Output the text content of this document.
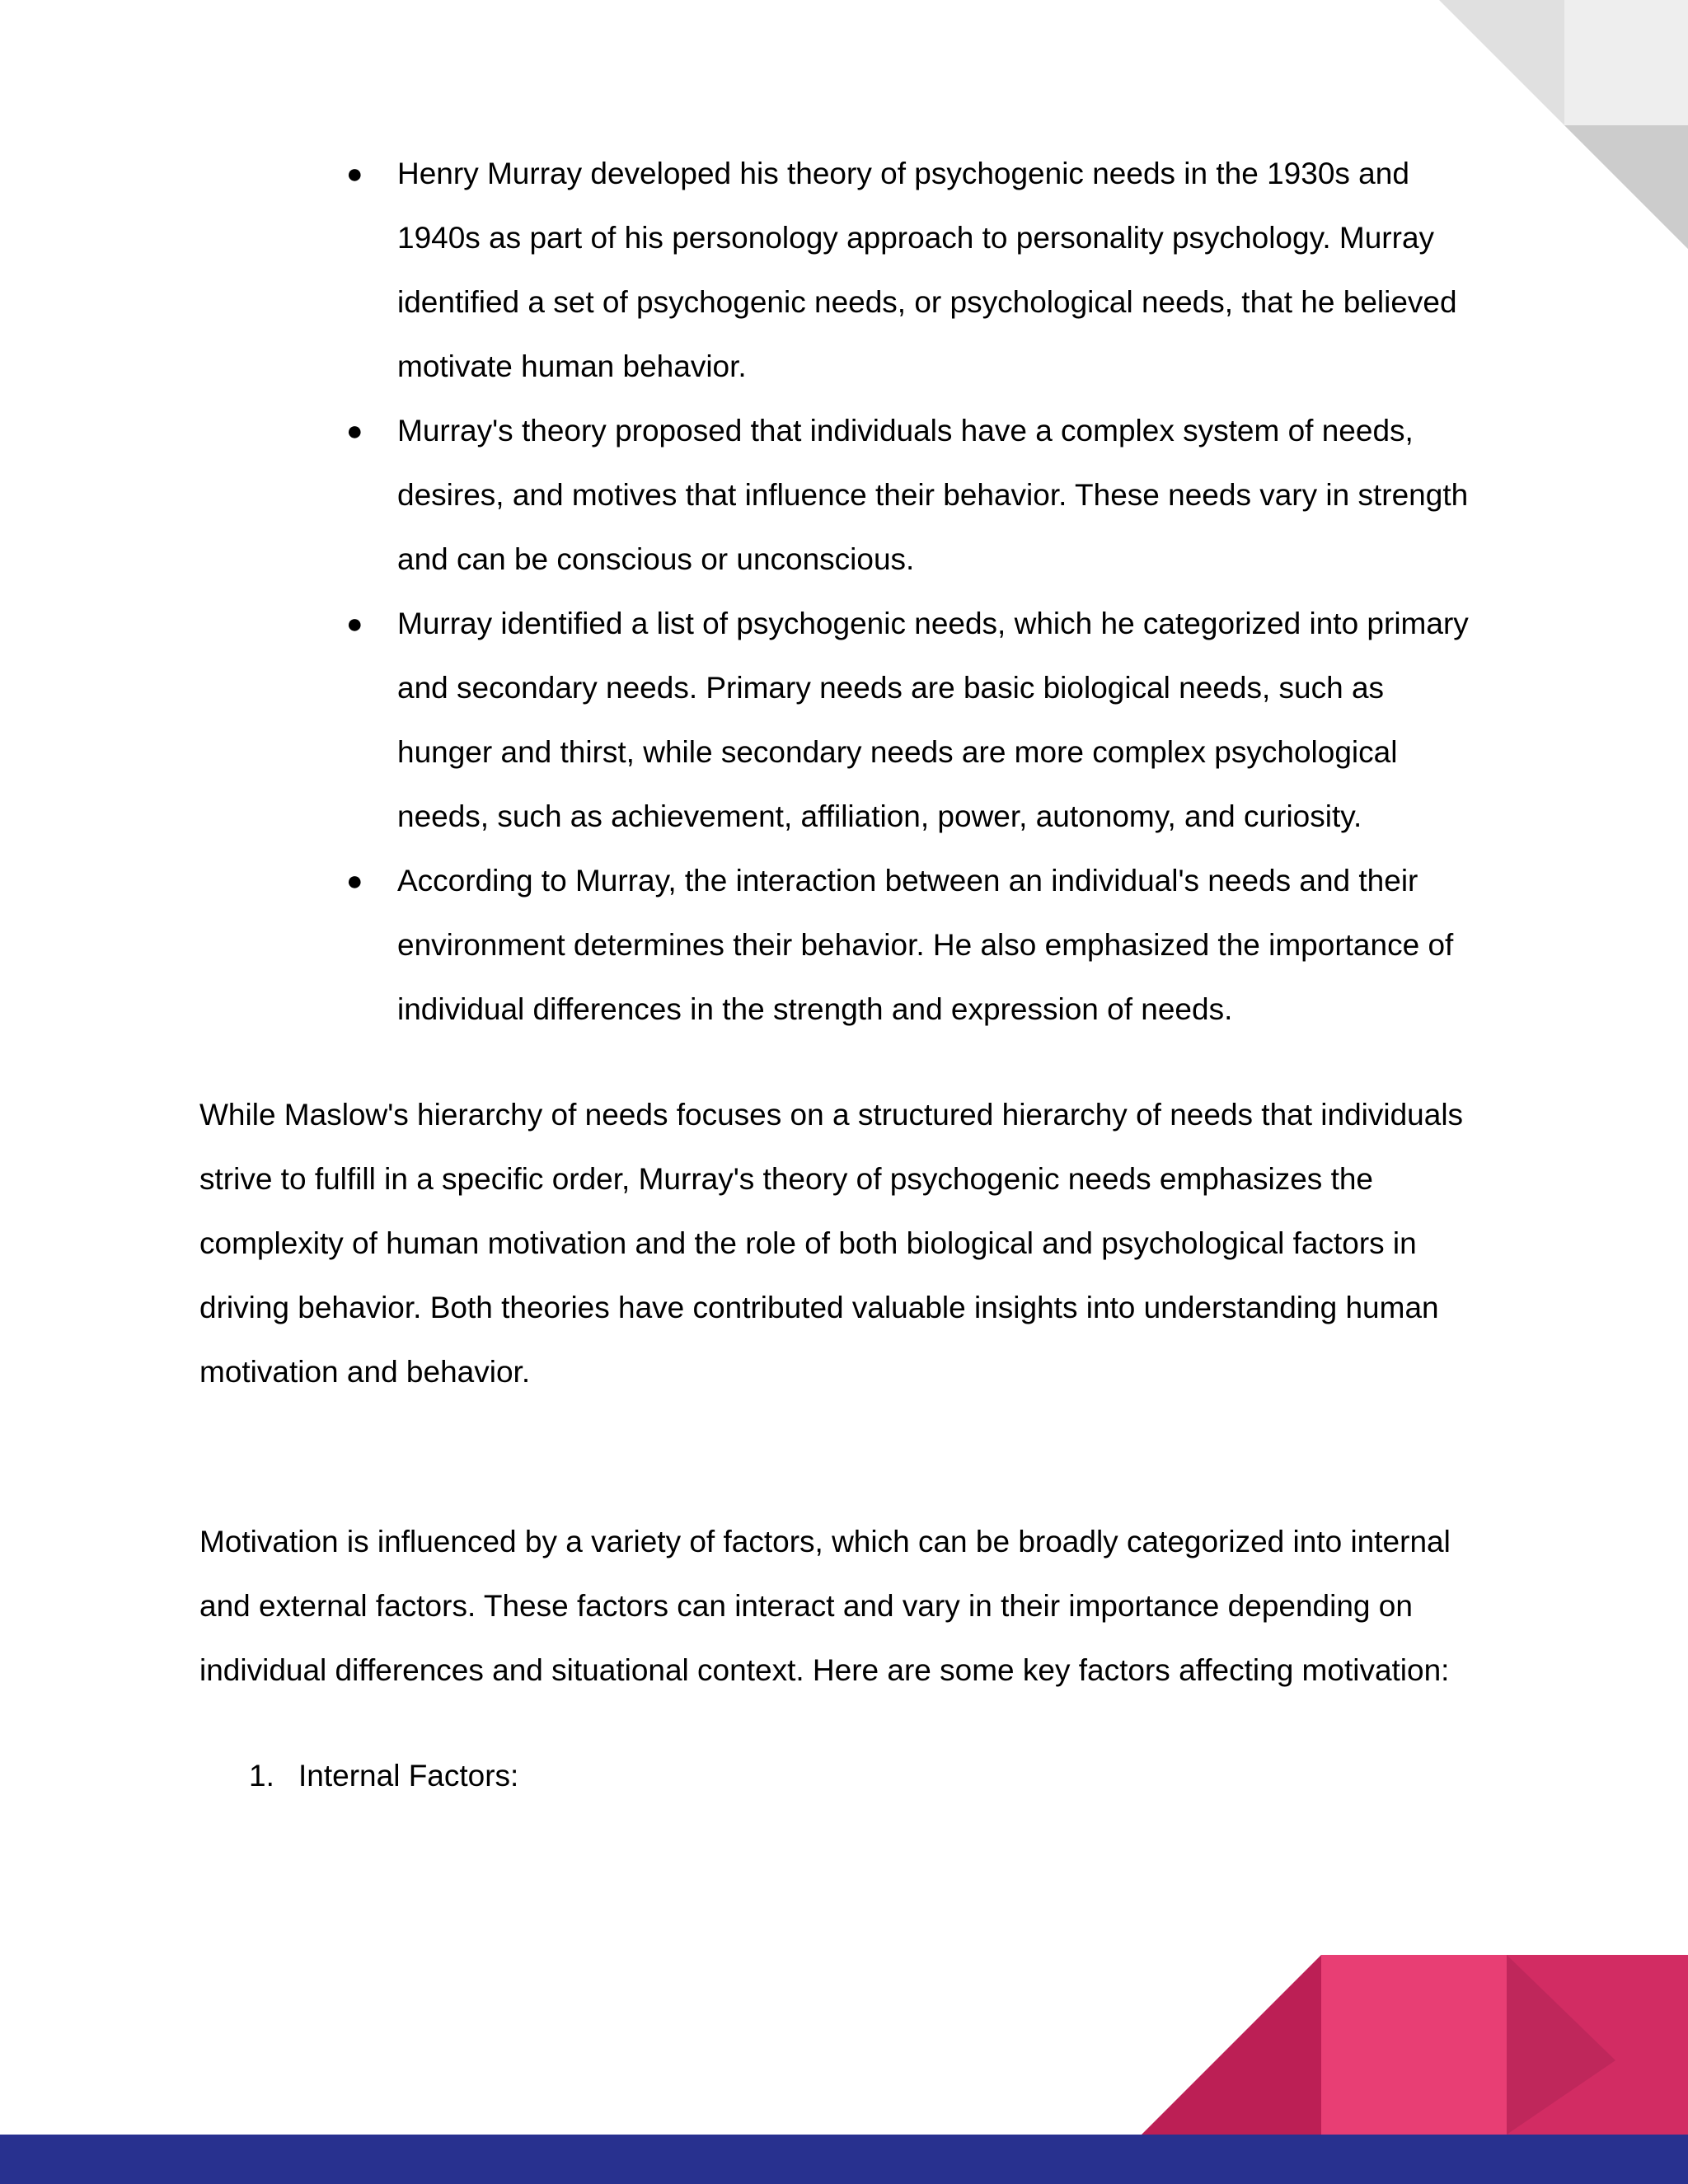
● Henry Murray developed his theory of psychogenic needs in the 1930s and 1940s as part of his personology approach to personality psychology. Murray identified a set of psychogenic needs, or psychological needs, that he believed motivate human behavior.
● Murray's theory proposed that individuals have a complex system of needs, desires, and motives that influence their behavior. These needs vary in strength and can be conscious or unconscious.
● Murray identified a list of psychogenic needs, which he categorized into primary and secondary needs. Primary needs are basic biological needs, such as hunger and thirst, while secondary needs are more complex psychological needs, such as achievement, affiliation, power, autonomy, and curiosity.
● According to Murray, the interaction between an individual's needs and their environment determines their behavior. He also emphasized the importance of individual differences in the strength and expression of needs.

While Maslow's hierarchy of needs focuses on a structured hierarchy of needs that individuals strive to fulfill in a specific order, Murray's theory of psychogenic needs emphasizes the complexity of human motivation and the role of both biological and psychological factors in driving behavior. Both theories have contributed valuable insights into understanding human motivation and behavior.

Motivation is influenced by a variety of factors, which can be broadly categorized into internal and external factors. These factors can interact and vary in their importance depending on individual differences and situational context. Here are some key factors affecting motivation:

1. Internal Factors:
